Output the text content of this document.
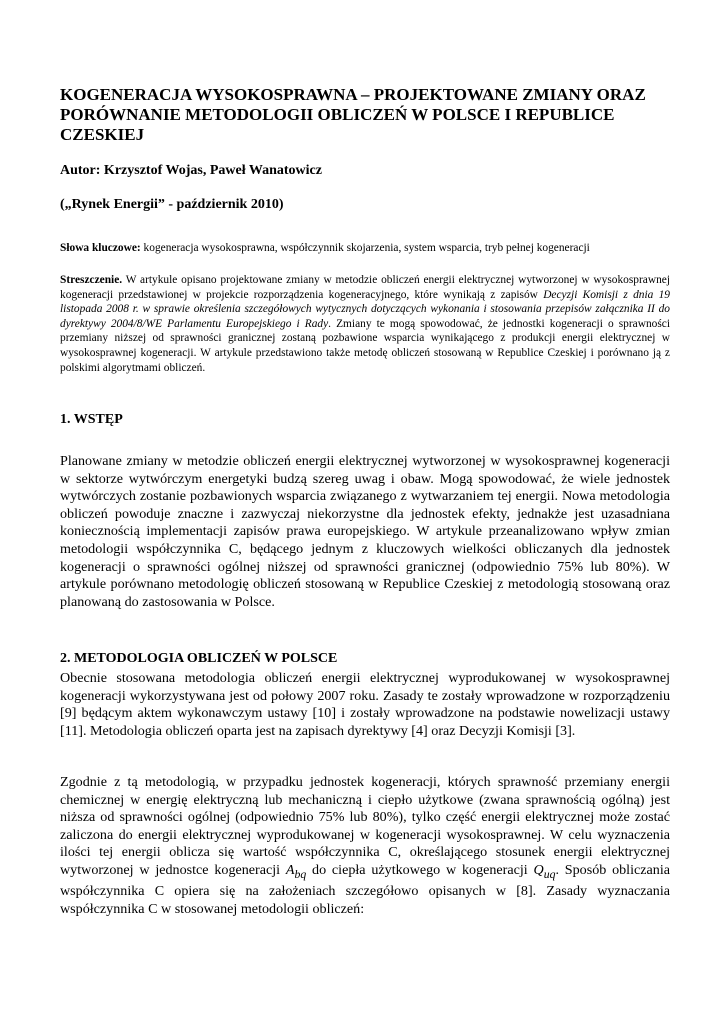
KOGENERACJA WYSOKOSPRAWNA – PROJEKTOWANE ZMIANY ORAZ PORÓWNANIE METODOLOGII OBLICZEŃ W POLSCE I REPUBLICE CZESKIEJ

Autor: Krzysztof Wojas, Paweł Wanatowicz

(„Rynek Energii” - październik 2010)

Słowa kluczowe: kogeneracja wysokosprawna, współczynnik skojarzenia, system wsparcia, tryb pełnej kogeneracji

Streszczenie. W artykule opisano projektowane zmiany w metodzie obliczeń energii elektrycznej wytworzonej w wysokosprawnej kogeneracji przedstawionej w projekcie rozporządzenia kogeneracyjnego, które wynikają z zapisów Decyzji Komisji z dnia 19 listopada 2008 r. w sprawie określenia szczegółowych wytycznych dotyczących wykonania i stosowania przepisów załącznika II do dyrektywy 2004/8/WE Parlamentu Europejskiego i Rady. Zmiany te mogą spowodować, że jednostki kogeneracji o sprawności przemiany niższej od sprawności granicznej zostaną pozbawione wsparcia wynikającego z produkcji energii elektrycznej w wysokosprawnej kogeneracji. W artykule przedstawiono także metodę obliczeń stosowaną w Republice Czeskiej i porównano ją z polskimi algorytmami obliczeń.

1. WSTĘP

Planowane zmiany w metodzie obliczeń energii elektrycznej wytworzonej w wysokosprawnej kogeneracji w sektorze wytwórczym energetyki budzą szereg uwag i obaw. Mogą spowodować, że wiele jednostek wytwórczych zostanie pozbawionych wsparcia związanego z wytwarzaniem tej energii. Nowa metodologia obliczeń powoduje znaczne i zazwyczaj niekorzystne dla jednostek efekty, jednakże jest uzasadniana koniecznością implementacji zapisów prawa europejskiego. W artykule przeanalizowano wpływ zmian metodologii współczynnika C, będącego jednym z kluczowych wielkości obliczanych dla jednostek kogeneracji o sprawności ogólnej niższej od sprawności granicznej (odpowiednio 75% lub 80%). W artykule porównano metodologię obliczeń stosowaną w Republice Czeskiej z metodologią stosowaną oraz planowaną do zastosowania w Polsce.

2. METODOLOGIA OBLICZEŃ W POLSCE

Obecnie stosowana metodologia obliczeń energii elektrycznej wyprodukowanej w wysokosprawnej kogeneracji wykorzystywana jest od połowy 2007 roku. Zasady te zostały wprowadzone w rozporządzeniu [9] będącym aktem wykonawczym ustawy [10] i zostały wprowadzone na podstawie nowelizacji ustawy [11]. Metodologia obliczeń oparta jest na zapisach dyrektywy [4] oraz Decyzji Komisji [3].

Zgodnie z tą metodologią, w przypadku jednostek kogeneracji, których sprawność przemiany energii chemicznej w energię elektryczną lub mechaniczną i ciepło użytkowe (zwana sprawnością ogólną) jest niższa od sprawności ogólnej (odpowiednio 75% lub 80%), tylko część energii elektrycznej może zostać zaliczona do energii elektrycznej wyprodukowanej w kogeneracji wysokosprawnej. W celu wyznaczenia ilości tej energii oblicza się wartość współczynnika C, określającego stosunek energii elektrycznej wytworzonej w jednostce kogeneracji $A_{bq}$ do ciepła użytkowego w kogeneracji $Q_{uq}$. Sposób obliczania współczynnika C opiera się na założeniach szczegółowo opisanych w [8]. Zasady wyznaczania współczynnika C w stosowanej metodologii obliczeń:
